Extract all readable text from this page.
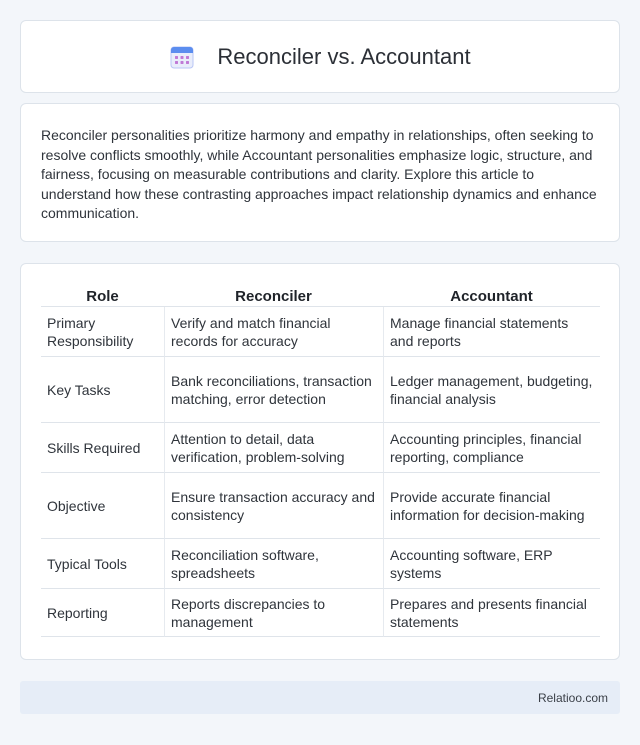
Reconciler vs. Accountant

Reconciler personalities prioritize harmony and empathy in relationships, often seeking to resolve conflicts smoothly, while Accountant personalities emphasize logic, structure, and fairness, focusing on measurable contributions and clarity. Explore this article to understand how these contrasting approaches impact relationship dynamics and enhance communication.

Role	Reconciler	Accountant
Primary Responsibility	Verify and match financial records for accuracy	Manage financial statements and reports
Key Tasks	Bank reconciliations, transaction matching, error detection	Ledger management, budgeting, financial analysis
Skills Required	Attention to detail, data verification, problem-solving	Accounting principles, financial reporting, compliance
Objective	Ensure transaction accuracy and consistency	Provide accurate financial information for decision-making
Typical Tools	Reconciliation software, spreadsheets	Accounting software, ERP systems
Reporting	Reports discrepancies to management	Prepares and presents financial statements
Relatioo.com
